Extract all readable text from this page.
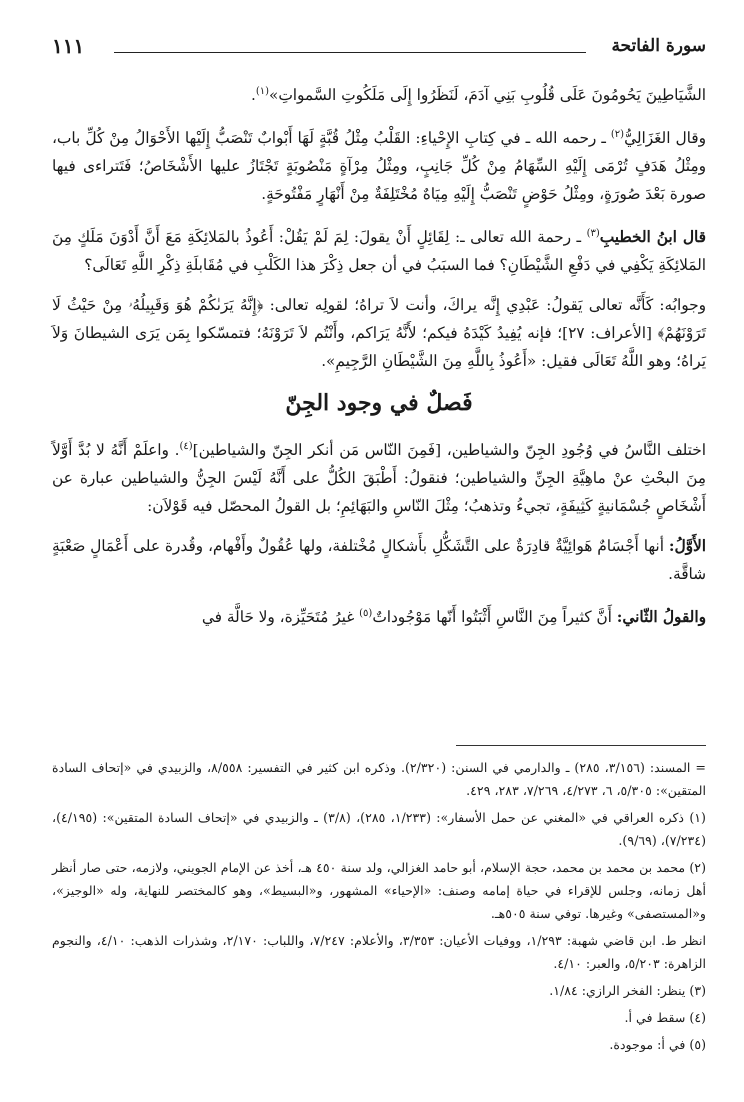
سورة الفاتحة
١١١

الشَّيَاطِينَ يَحُومُونَ عَلَى قُلُوبِ بَنِي آدَمَ، لَنَظَرُوا إِلَى مَلَكُوتِ السَّمواتِ»$^{(١)}$.

وقال الغَزَالِيُّ$^{(٢)}$ ـ رحمه الله ـ في كِتابِ الإِحْياءِ: القَلْبُ مِثْلُ قُبَّةٍ لَهَا أَبْوابٌ تَنْصَبُّ إِلَيْها الأَحْوَالُ مِنْ كُلِّ باب، ومِثْلُ هَدَفٍ تُرْمَى إِلَيْهِ السِّهَامُ مِنْ كُلِّ جَانِبٍ، ومِثْلُ مِرْآةٍ مَنْصُوبَةٍ تَجْتَازُ عليها الأَشْخَاصُ؛ فَتَتراءى فيها صورة بَعْدَ صُورَةٍ، ومِثْلُ حَوْضٍ تَنْصَبُّ إِلَيْهِ مِيَاهٌ مُخْتَلِفَةٌ مِنْ أَنْهَارٍ مَفْتُوحَةٍ.

قال ابنُ الخطيبِ$^{(٣)}$ ـ رحمة الله تعالى ـ: لِقَائِلٍ أَنْ يقولَ: لِمَ لَمْ يَقُلْ: أَعُوذُ بالمَلائِكَةِ مَعَ أَنَّ أَدْوَنَ مَلَكٍ مِنَ المَلائِكَةِ يَكْفِي في دَفْعِ الشَّيْطَانِ؟ فما السبَبُ في أن جعل ذِكْرَ هذا الكَلْبِ في مُقَابلَةِ ذِكْرِ اللَّهِ تَعَالَى؟

وجوابُه: كَأَنَّه تعالى يَقولُ: عَبْدِي إِنَّه يراكَ، وأنت لاَ تراهُ؛ لقولِه تعالى: ﴿إِنَّهُ يَرَىٰكُمْ هُوَ وَقَبِيلُهُۥ مِنْ حَيْثُ لَا تَرَوْنَهُمْ﴾ [الأعراف: ٢٧]؛ فإنه يُفِيدُ كَيْدَهُ فيكم؛ لأَنَّهُ يَرَاكم، وأَنْتُم لاَ تَرَوْنَهُ؛ فتمسّكوا بِمَن يَرَى الشيطانَ وَلاَ يَراهُ؛ وهو اللَّهُ تَعَالَى فقيل: «أَعُوذُ بِاللَّهِ مِنَ الشَّيْطَانِ الرَّجِيمِ».

فَصلٌ في وجود الجِنّ

اختلف النَّاسُ في وُجُودِ الجِنّ والشياطين، [فَمِنَ النّاس مَن أنكر الجِنّ والشياطين]$^{(٤)}$. واعلَمْ أَنَّهُ لا بُدَّ أَوَّلاً مِنَ البحْثِ عنْ ماهِيَّةِ الجِنِّ والشياطين؛ فنقولُ: أَطْبَقَ الكُلُّ على أَنَّهُ لَيْسَ الجِنُّ والشياطين عبارة عن أَشْخَاصٍ جُسْمَانيةٍ كَثِيفَةٍ، تجيءُ وتذهبُ؛ مِثْلَ النّاسِ والبَهَائِمِ؛ بل القولُ المحصّل فيه قَوْلاَن:

الأَوَّلُ: أنها أَجْسَامٌ هَوائِيَّةٌ قادِرَةٌ على التَّشَكُّلِ بأَشكالٍ مُخْتلفة، ولها عُقُولٌ وأَفْهام، وقُدرة على أَعْمَالٍ صَعْبَةٍ شاقَّة.

والقولُ الثّاني: أَنَّ كثيراً مِنَ النَّاسِ أَثْبَتُوا أَنّها مَوْجُوداتٌ$^{(٥)}$ غيرُ مُتَحَيِّزة، ولا حَالَّة في

= المسند: (٣/١٥٦، ٢٨٥) ـ والدارمي في السنن: (٢/٣٢٠). وذكره ابن كثير في التفسير: ٨/٥٥٨، والزبيدي في «إتحاف السادة المتقين»: ٥/٣٠٥، ٦، ٤/٢٧٣، ٧/٢٦٩، ٢٨٣، ٤٢٩.

(١) ذكره العراقي في «المغني عن حمل الأسفار»: (١/٢٣٣، ٢٨٥)، (٣/٨) ـ والزبيدي في «إتحاف السادة المتقين»: (٤/١٩٥)، (٧/٢٣٤)، (٩/٦٩).

(٢) محمد بن محمد بن محمد، حجة الإسلام، أبو حامد الغزالي، ولد سنة ٤٥٠ هـ، أخذ عن الإمام الجويني، ولازمه، حتى صار أنظر أهل زمانه، وجلس للإقراء في حياة إمامه وصنف: «الإحياء» المشهور، و«البسيط»، وهو كالمختصر للنهاية، وله «الوجيز»، و«المستصفى» وغيرها. توفي سنة ٥٠٥هـ.

انظر ط. ابن قاضي شهبة: ١/٢٩٣، ووفيات الأعيان: ٣/٣٥٣، والأعلام: ٧/٢٤٧، واللباب: ٢/١٧٠، وشذرات الذهب: ٤/١٠، والنجوم الزاهرة: ٥/٢٠٣، والعبر: ٤/١٠.

(٣) ينظر: الفخر الرازي: ١/٨٤.

(٤) سقط في أ.

(٥) في أ: موجودة.
